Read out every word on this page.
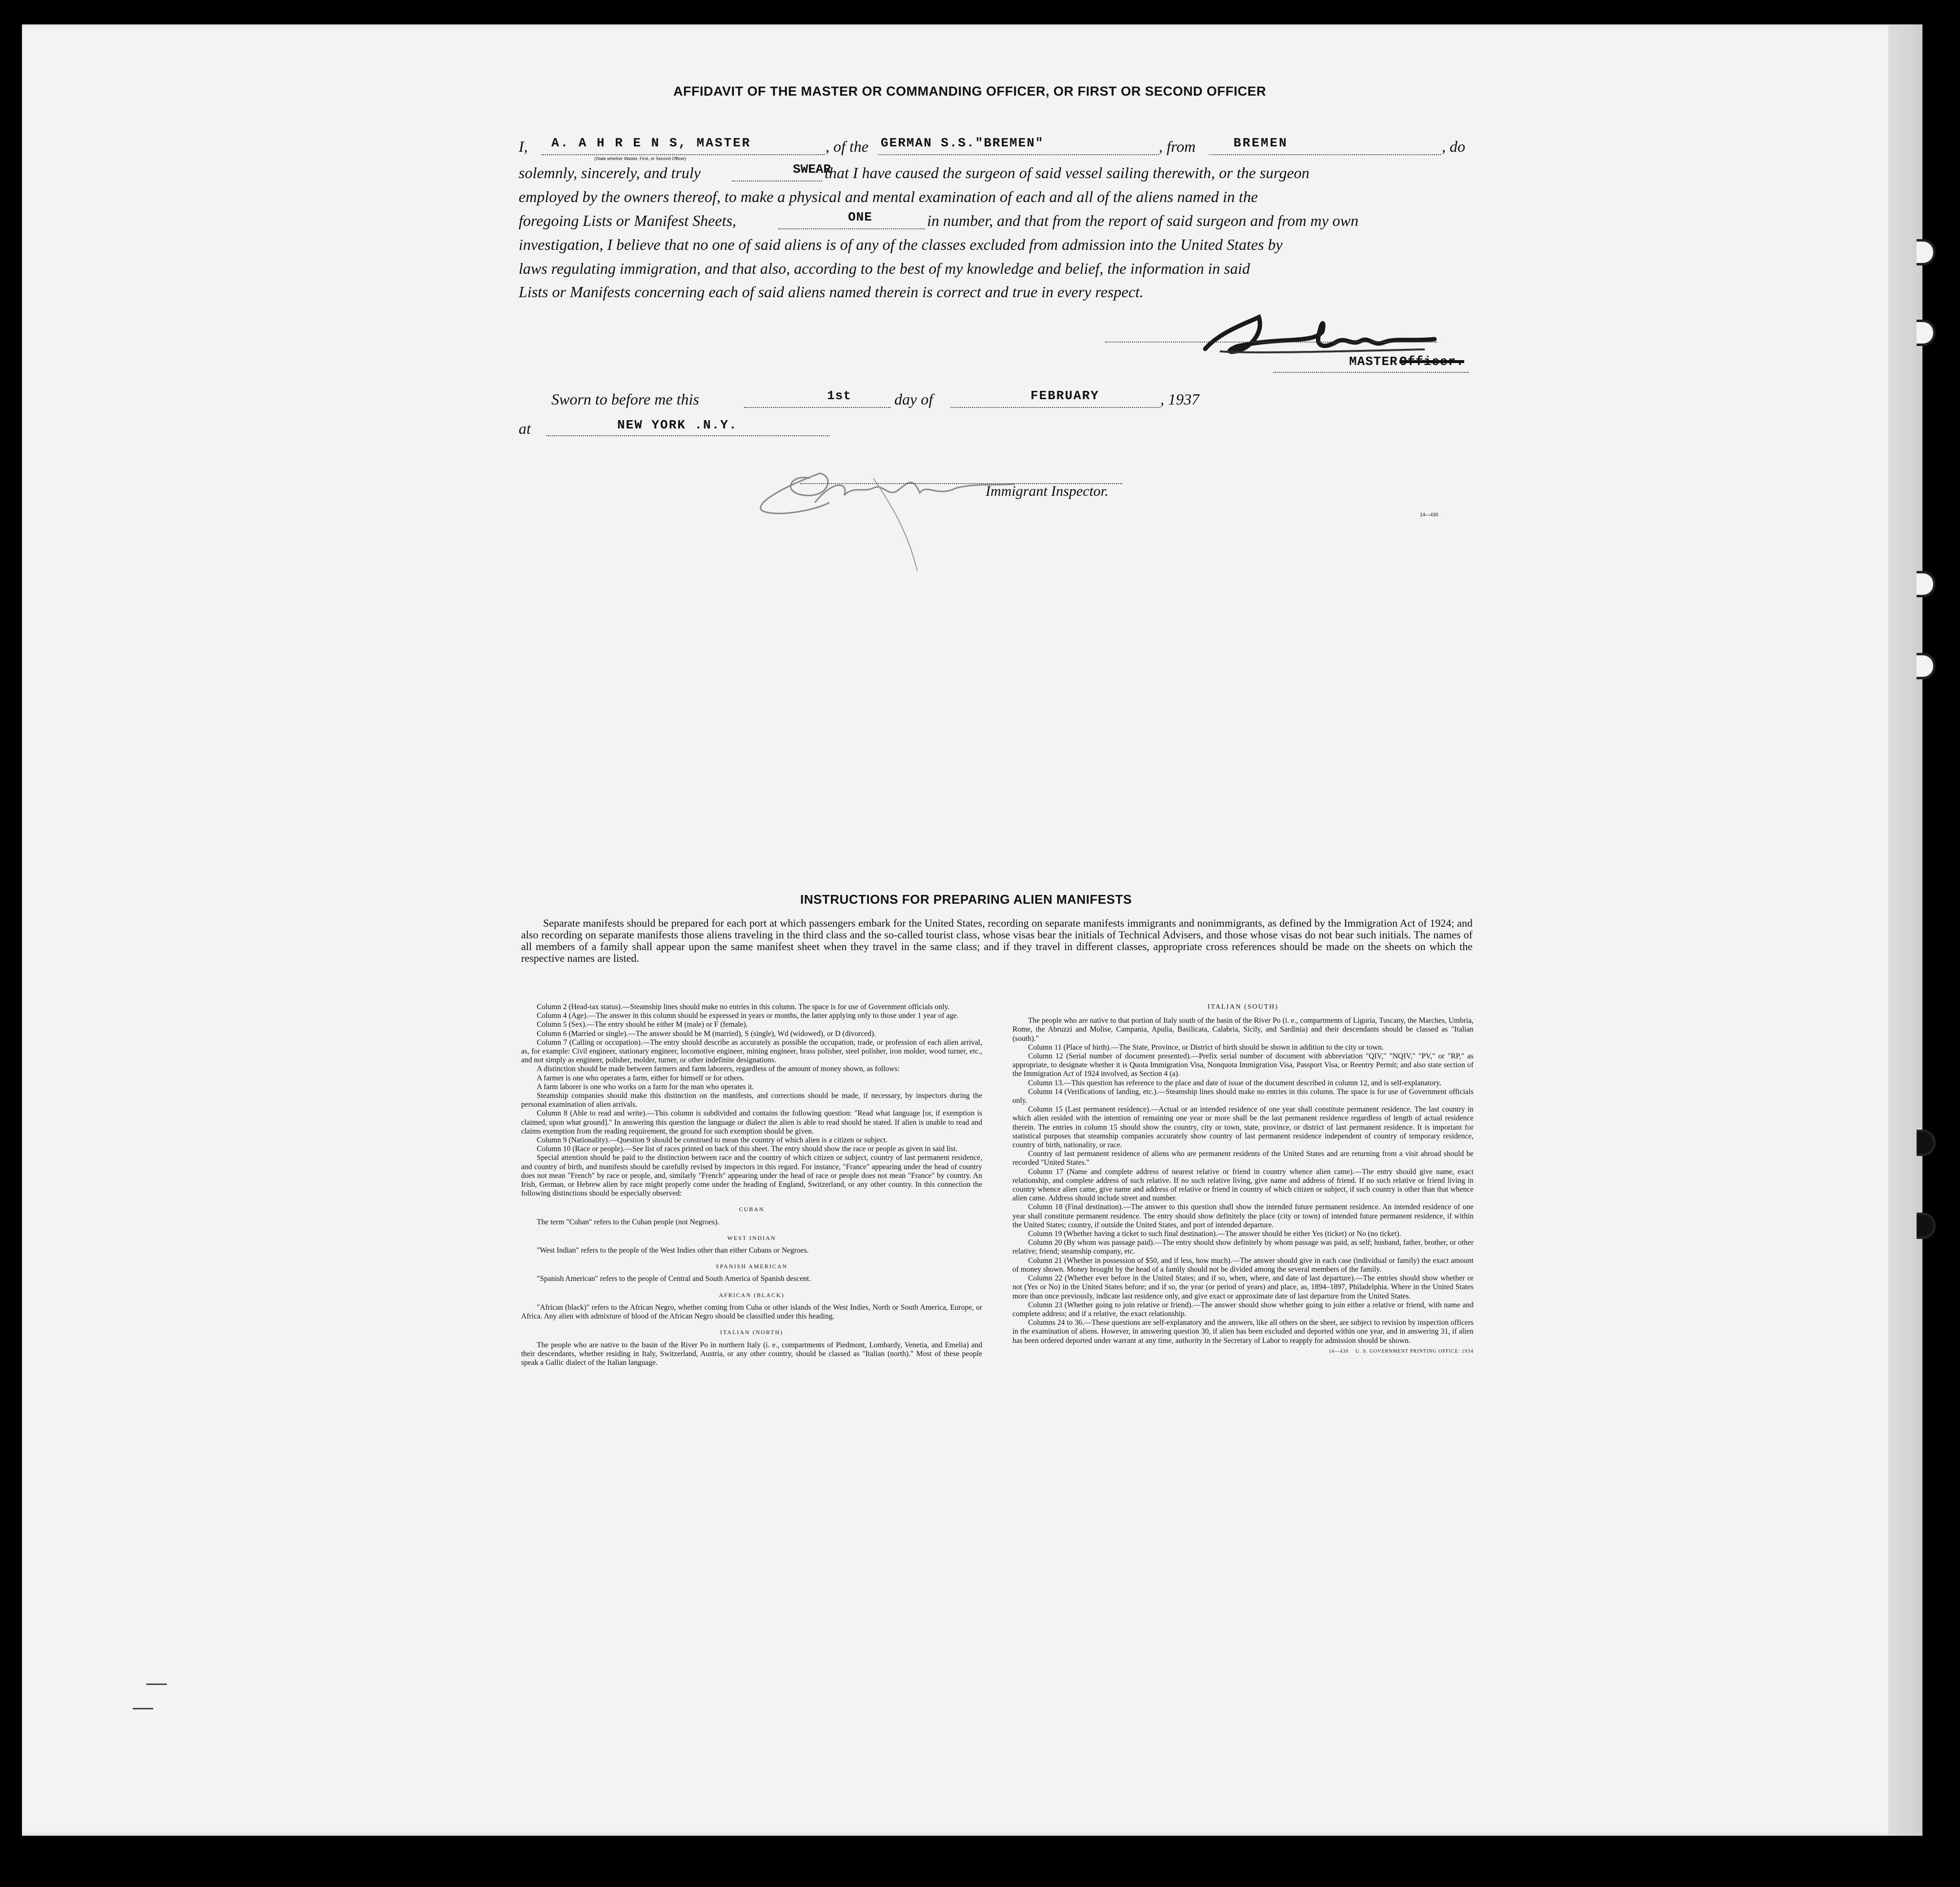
AFFIDAVIT OF THE MASTER OR COMMANDING OFFICER, OR FIRST OR SECOND OFFICER
I, A. A H R E N S, MASTER
(State whether Master, First, or Second Officer)
, of the GERMAN S.S."BREMEN"	, from	BREMEN	, do
solemnly, sincerely, and truly	SWEAR
that I have caused the surgeon of said vessel sailing therewith, or the surgeon
employed by the owners thereof, to make a physical and mental examination of each and all of the aliens named in the
foregoing Lists or Manifest Sheets,	ONE	in number, and that from the report of said surgeon and from my own
investigation, I believe that no one of said aliens is of any of the classes excluded from admission into the United States by
laws regulating immigration, and that also, according to the best of my knowledge and belief, the information in said
Lists or Manifests concerning each of said aliens named therein is correct and true in every respect.
MASTER Officer.
Sworn to before me this	1st	day of	FEBRUARY	, 1937
at	NEW YORK .N.Y.
Immigrant Inspector.
14—430
INSTRUCTIONS FOR PREPARING ALIEN MANIFESTS
Separate manifests should be prepared for each port at which passengers embark for the United States, recording on separate manifests immigrants and nonimmigrants, as defined by the Immigration Act of 1924; and also recording on separate manifests those aliens traveling in the third class and the so-called tourist class, whose visas bear the initials of Technical Advisers, and those whose visas do not bear such initials. The names of all members of a family shall appear upon the same manifest sheet when they travel in the same class; and if they travel in different classes, appropriate cross references should be made on the sheets on which the respective names are listed.

Column 2 (Head-tax status).—Steamship lines should make no entries in this column. The space is for use of Government officials only.

Column 4 (Age).—The answer in this column should be expressed in years or months, the latter applying only to those under 1 year of age.

Column 5 (Sex).—The entry should be either M (male) or F (female).

Column 6 (Married or single).—The answer should be M (married), S (single), Wd (widowed), or D (divorced).

Column 7 (Calling or occupation).—The entry should describe as accurately as possible the occupation, trade, or profession of each alien arrival, as, for example: Civil engineer, stationary engineer, locomotive engineer, mining engineer, brass polisher, steel polisher, iron molder, wood turner, etc., and not simply as engineer, polisher, molder, turner, or other indefinite designations.

A distinction should be made between farmers and farm laborers, regardless of the amount of money shown, as follows:

A farmer is one who operates a farm, either for himself or for others.

A farm laborer is one who works on a farm for the man who operates it.

Steamship companies should make this distinction on the manifests, and corrections should be made, if necessary, by inspectors during the personal examination of alien arrivals.

Column 8 (Able to read and write).—This column is subdivided and contains the following question: "Read what language [or, if exemption is claimed, upon what ground]." In answering this question the language or dialect the alien is able to read should be stated. If alien is unable to read and claims exemption from the reading requirement, the ground for such exemption should be given.

Column 9 (Nationality).—Question 9 should be construed to mean the country of which alien is a citizen or subject.

Column 10 (Race or people).—See list of races printed on back of this sheet. The entry should show the race or people as given in said list.

Special attention should be paid to the distinction between race and the country of which citizen or subject, country of last permanent residence, and country of birth, and manifests should be carefully revised by inspectors in this regard. For instance, "France" appearing under the head of country does not mean "French" by race or people, and, similarly "French" appearing under the head of race or people does not mean "France" by country. An Irish, German, or Hebrew alien by race might properly come under the heading of England, Switzerland, or any other country. In this connection the following distinctions should be especially observed:

CUBAN

The term "Cuban" refers to the Cuban people (not Negroes).

WEST INDIAN

"West Indian" refers to the people of the West Indies other than either Cubans or Negroes.

SPANISH AMERICAN

"Spanish American" refers to the people of Central and South America of Spanish descent.

AFRICAN (BLACK)

"African (black)" refers to the African Negro, whether coming from Cuba or other islands of the West Indies, North or South America, Europe, or Africa. Any alien with admixture of blood of the African Negro should be classified under this heading.

ITALIAN (NORTH)

The people who are native to the basin of the River Po in northern Italy (i. e., compartments of Piedmont, Lombardy, Venetia, and Emelia) and their descendants, whether residing in Italy, Switzerland, Austria, or any other country, should be classed as "Italian (north)." Most of these people speak a Gallic dialect of the Italian language.

ITALIAN (SOUTH)

The people who are native to that portion of Italy south of the basin of the River Po (i. e., compartments of Liguria, Tuscany, the Marches, Umbria, Rome, the Abruzzi and Molise, Campania, Apulia, Basilicata, Calabria, Sicily, and Sardinia) and their descendants should be classed as "Italian (south)."

Column 11 (Place of birth).—The State, Province, or District of birth should be shown in addition to the city or town.

Column 12 (Serial number of document presented).—Prefix serial number of document with abbreviation "QIV," "NQIV," "PV," or "RP," as appropriate, to designate whether it is Quota Immigration Visa, Nonquota Immigration Visa, Passport Visa, or Reentry Permit; and also state section of the Immigration Act of 1924 involved, as Section 4 (a).

Column 13.—This question has reference to the place and date of issue of the document described in column 12, and is self-explanatory.

Column 14 (Verifications of landing, etc.).—Steamship lines should make no entries in this column. The space is for use of Government officials only.

Column 15 (Last permanent residence).—Actual or an intended residence of one year shall constitute permanent residence. The last country in which alien resided with the intention of remaining one year or more shall be the last permanent residence regardless of length of actual residence therein. The entries in column 15 should show the country, city or town, state, province, or district of last permanent residence. It is important for statistical purposes that steamship companies accurately show country of last permanent residence independent of country of temporary residence, country of birth, nationality, or race.

Country of last permanent residence of aliens who are permanent residents of the United States and are returning from a visit abroad should be recorded "United States."

Column 17 (Name and complete address of nearest relative or friend in country whence alien came).—The entry should give name, exact relationship, and complete address of such relative. If no such relative living, give name and address of friend. If no such relative or friend living in country whence alien came, give name and address of relative or friend in country of which citizen or subject, if such country is other than that whence alien came. Address should include street and number.

Column 18 (Final destination).—The answer to this question shall show the intended future permanent residence. An intended residence of one year shall constitute permanent residence. The entry should show definitely the place (city or town) of intended future permanent residence, if within the United States; country, if outside the United States, and port of intended departure.

Column 19 (Whether having a ticket to such final destination).—The answer should be either Yes (ticket) or No (no ticket).

Column 20 (By whom was passage paid).—The entry should show definitely by whom passage was paid, as self; husband, father, brother, or other relative; friend; steamship company, etc.

Column 21 (Whether in possession of $50, and if less, how much).—The answer should give in each case (individual or family) the exact amount of money shown. Money brought by the head of a family should not be divided among the several members of the family.

Column 22 (Whether ever before in the United States; and if so, when, where, and date of last departure).—The entries should show whether or not (Yes or No) in the United States before; and if so, the year (or period of years) and place, as, 1894–1897, Philadelphia. Where in the United States more than once previously, indicate last residence only, and give exact or approximate date of last departure from the United States.

Column 23 (Whether going to join relative or friend).—The answer should show whether going to join either a relative or friend, with name and complete address; and if a relative, the exact relationship.

Columns 24 to 36.—These questions are self-explanatory and the answers, like all others on the sheet, are subject to revision by inspection officers in the examination of aliens. However, in answering question 30, if alien has been excluded and deported within one year, and in answering 31, if alien has been ordered deported under warrant at any time, authority in the Secretary of Labor to reapply for admission should be shown.

14—430 U. S. GOVERNMENT PRINTING OFFICE: 1934
